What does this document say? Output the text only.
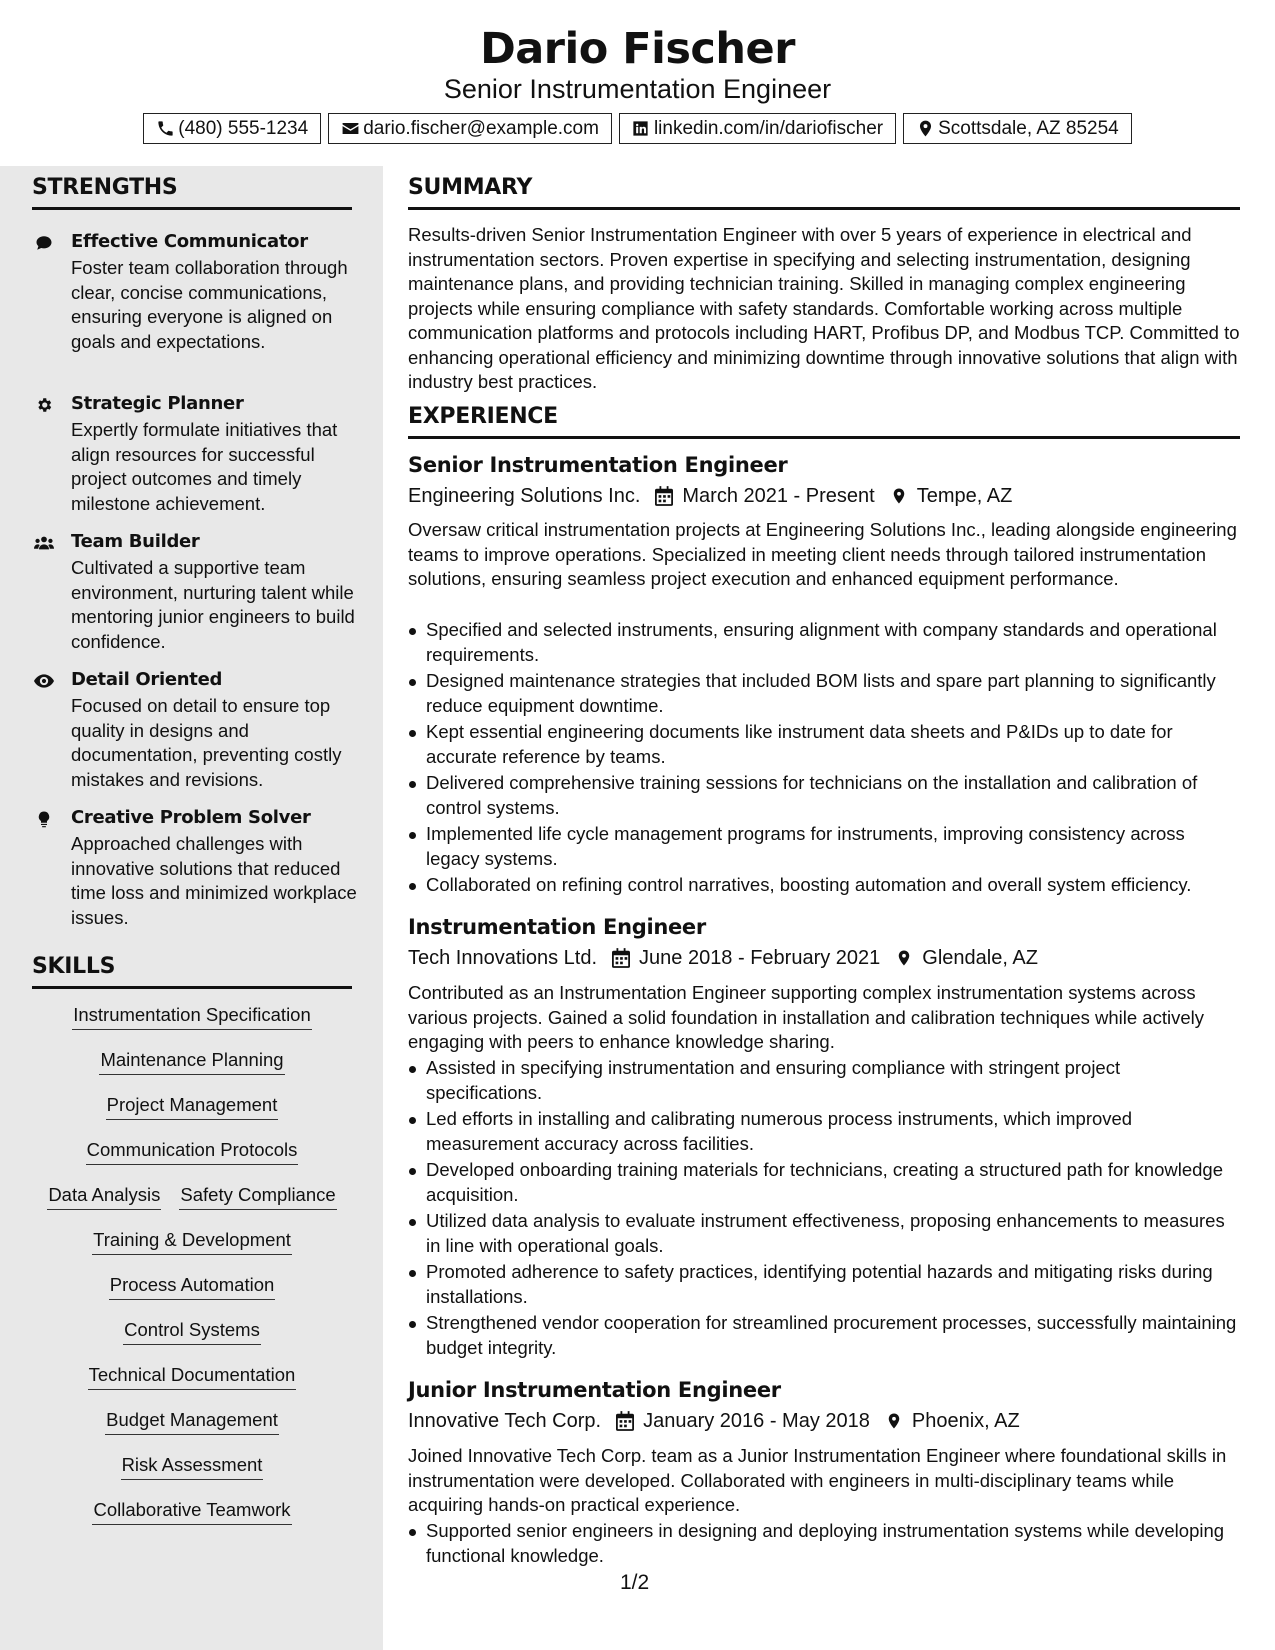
Dario Fischer
Senior Instrumentation Engineer
(480) 555-1234	dario.fischer@example.com	linkedin.com/in/dariofischer	Scottsdale, AZ 85254
STRENGTHS
Effective Communicator
Foster team collaboration through clear, concise communications, ensuring everyone is aligned on goals and expectations.
Strategic Planner
Expertly formulate initiatives that align resources for successful project outcomes and timely milestone achievement.
Team Builder
Cultivated a supportive team environment, nurturing talent while mentoring junior engineers to build confidence.
Detail Oriented
Focused on detail to ensure top quality in designs and documentation, preventing costly mistakes and revisions.
Creative Problem Solver
Approached challenges with innovative solutions that reduced time loss and minimized workplace issues.
SKILLS
Instrumentation Specification
Maintenance Planning
Project Management
Communication Protocols
Data Analysis Safety Compliance
Training & Development
Process Automation
Control Systems
Technical Documentation
Budget Management
Risk Assessment
Collaborative Teamwork
SUMMARY
Results-driven Senior Instrumentation Engineer with over 5 years of experience in electrical and instrumentation sectors. Proven expertise in specifying and selecting instrumentation, designing maintenance plans, and providing technician training. Skilled in managing complex engineering projects while ensuring compliance with safety standards. Comfortable working across multiple communication platforms and protocols including HART, Profibus DP, and Modbus TCP. Committed to enhancing operational efficiency and minimizing downtime through innovative solutions that align with industry best practices.
EXPERIENCE
Senior Instrumentation Engineer
Engineering Solutions Inc. March 2021 - Present Tempe, AZ
Oversaw critical instrumentation projects at Engineering Solutions Inc., leading alongside engineering teams to improve operations. Specialized in meeting client needs through tailored instrumentation solutions, ensuring seamless project execution and enhanced equipment performance.
Specified and selected instruments, ensuring alignment with company standards and operational requirements.
Designed maintenance strategies that included BOM lists and spare part planning to significantly reduce equipment downtime.
Kept essential engineering documents like instrument data sheets and P&IDs up to date for accurate reference by teams.
Delivered comprehensive training sessions for technicians on the installation and calibration of control systems.
Implemented life cycle management programs for instruments, improving consistency across legacy systems.
Collaborated on refining control narratives, boosting automation and overall system efficiency.
Instrumentation Engineer
Tech Innovations Ltd. June 2018 - February 2021 Glendale, AZ
Contributed as an Instrumentation Engineer supporting complex instrumentation systems across various projects. Gained a solid foundation in installation and calibration techniques while actively engaging with peers to enhance knowledge sharing.
Assisted in specifying instrumentation and ensuring compliance with stringent project specifications.
Led efforts in installing and calibrating numerous process instruments, which improved measurement accuracy across facilities.
Developed onboarding training materials for technicians, creating a structured path for knowledge acquisition.
Utilized data analysis to evaluate instrument effectiveness, proposing enhancements to measures in line with operational goals.
Promoted adherence to safety practices, identifying potential hazards and mitigating risks during installations.
Strengthened vendor cooperation for streamlined procurement processes, successfully maintaining budget integrity.
Junior Instrumentation Engineer
Innovative Tech Corp. January 2016 - May 2018 Phoenix, AZ
Joined Innovative Tech Corp. team as a Junior Instrumentation Engineer where foundational skills in instrumentation were developed. Collaborated with engineers in multi-disciplinary teams while acquiring hands-on practical experience.
Supported senior engineers in designing and deploying instrumentation systems while developing functional knowledge.
1/2
